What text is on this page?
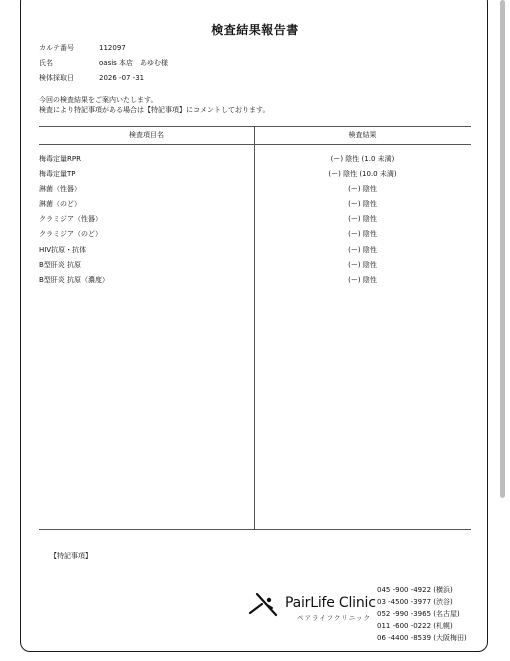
検査結果報告書
カルテ番号	112097
氏名	oasis 本店　あゆむ様
検体採取日	2026 -07 -31
今回の検査結果をご案内いたします。
検査により特記事項がある場合は【特記事項】にコメントしております。
検査項目名	検査結果
梅毒定量RPR	(ー) 陰性 (1.0 未満)
梅毒定量TP	(ー) 陰性 (10.0 未満)
淋菌（性器）	(ー) 陰性
淋菌（のど）	(ー) 陰性
クラミジア（性器）	(ー) 陰性
クラミジア（のど）	(ー) 陰性
HIV抗原・抗体	(ー) 陰性
B型肝炎 抗原	(ー) 陰性
B型肝炎 抗原（濃度）	(ー) 陰性
【特記事項】
PairLife Clinic
ペアライフクリニック
045 -900 -4922 (横浜)
03 -4500 -3977 (渋谷)
052 -990 -3965 (名古屋)
011 -600 -0222 (札幌)
06 -4400 -8539 (大阪梅田)
